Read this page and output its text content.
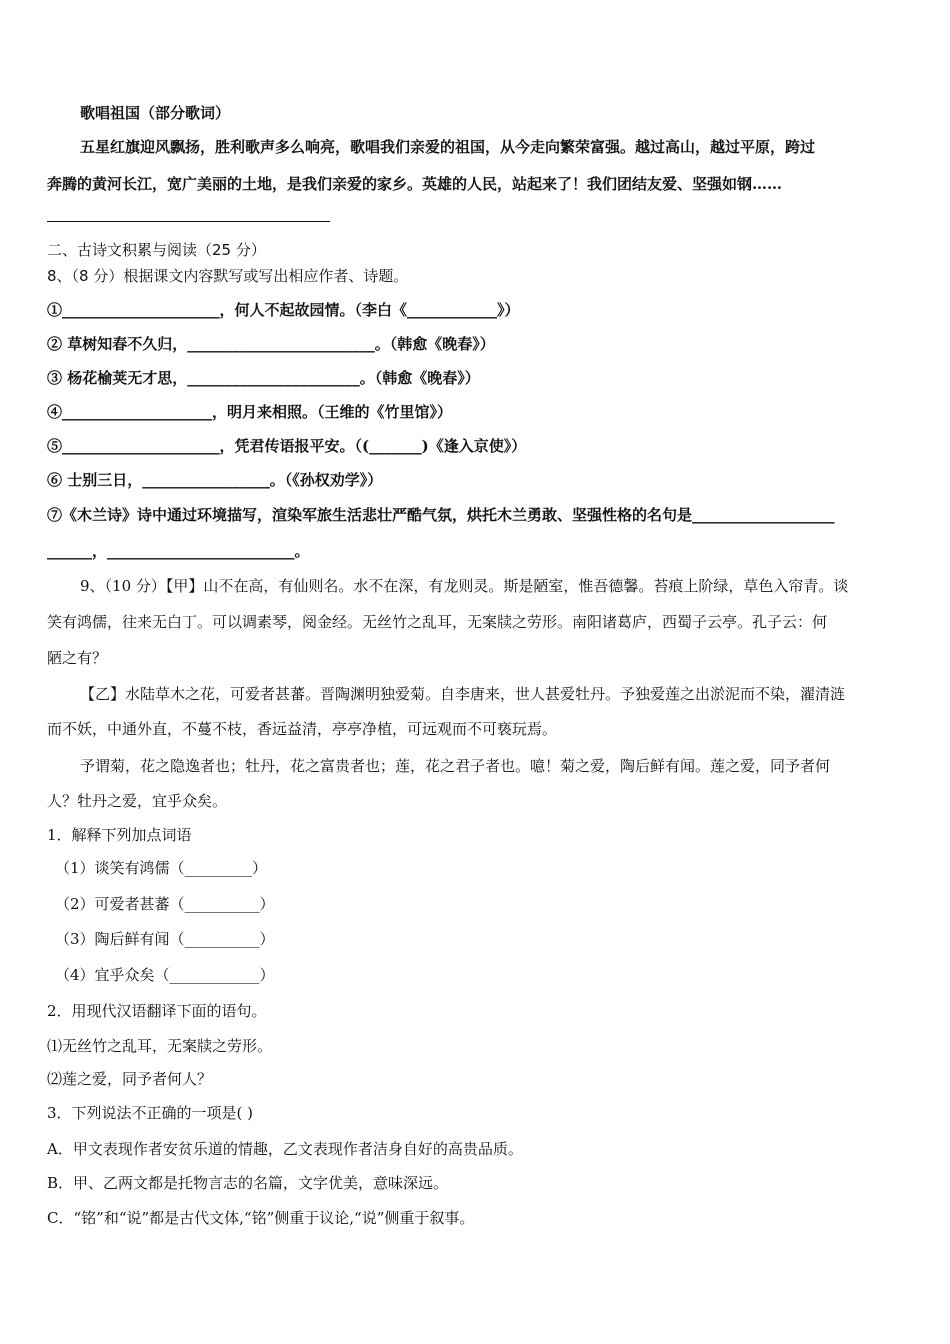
歌唱祖国（部分歌词）
五星红旗迎风飘扬，胜利歌声多么响亮，歌唱我们亲爱的祖国，从今走向繁荣富强。越过高山，越过平原，跨过
奔腾的黄河长江，宽广美丽的土地，是我们亲爱的家乡。英雄的人民，站起来了！我们团结友爱、坚强如钢……
二、古诗文积累与阅读（25 分）
8、（8 分）根据课文内容默写或写出相应作者、诗题。
①_____________________，何人不起故园情。（李白《____________》）
② 草树知春不久归，_________________________。（韩愈《晚春》）
③ 杨花榆荚无才思，_______________________。（韩愈《晚春》）
④____________________，明月来相照。（王维的《竹里馆》）
⑤_____________________，凭君传语报平安。（(_______)《逢入京使》）
⑥ 士别三日，_________________。（《孙权劝学》）
⑦《木兰诗》诗中通过环境描写，渲染军旅生活悲壮严酷气氛，烘托木兰勇敢、坚强性格的名句是___________________
______，_________________________。
9、（10 分）【甲】山不在高，有仙则名。水不在深，有龙则灵。斯是陋室，惟吾德馨。苔痕上阶绿，草色入帘青。谈
笑有鸿儒，往来无白丁。可以调素琴，阅金经。无丝竹之乱耳，无案牍之劳形。南阳诸葛庐，西蜀子云亭。孔子云：何
陋之有？
【乙】水陆草木之花，可爱者甚蕃。晋陶渊明独爱菊。自李唐来，世人甚爱牡丹。予独爱莲之出淤泥而不染，濯清涟
而不妖，中通外直，不蔓不枝，香远益清，亭亭净植，可远观而不可亵玩焉。
予谓菊，花之隐逸者也；牡丹，花之富贵者也；莲，花之君子者也。噫！菊之爱，陶后鲜有闻。莲之爱，同予者何
人？牡丹之爱，宜乎众矣。
1．解释下列加点词语
（1）谈笑有鸿儒（_________）
（2）可爱者甚蕃（__________）
（3）陶后鲜有闻（__________）
（4）宜乎众矣（____________）
2．用现代汉语翻译下面的语句。
⑴无丝竹之乱耳，无案牍之劳形。
⑵莲之爱，同予者何人？
3．下列说法不正确的一项是( )
A．甲文表现作者安贫乐道的情趣，乙文表现作者洁身自好的高贵品质。
B．甲、乙两文都是托物言志的名篇，文字优美，意味深远。
C．“铭”和“说”都是古代文体,“铭”侧重于议论,“说”侧重于叙事。
